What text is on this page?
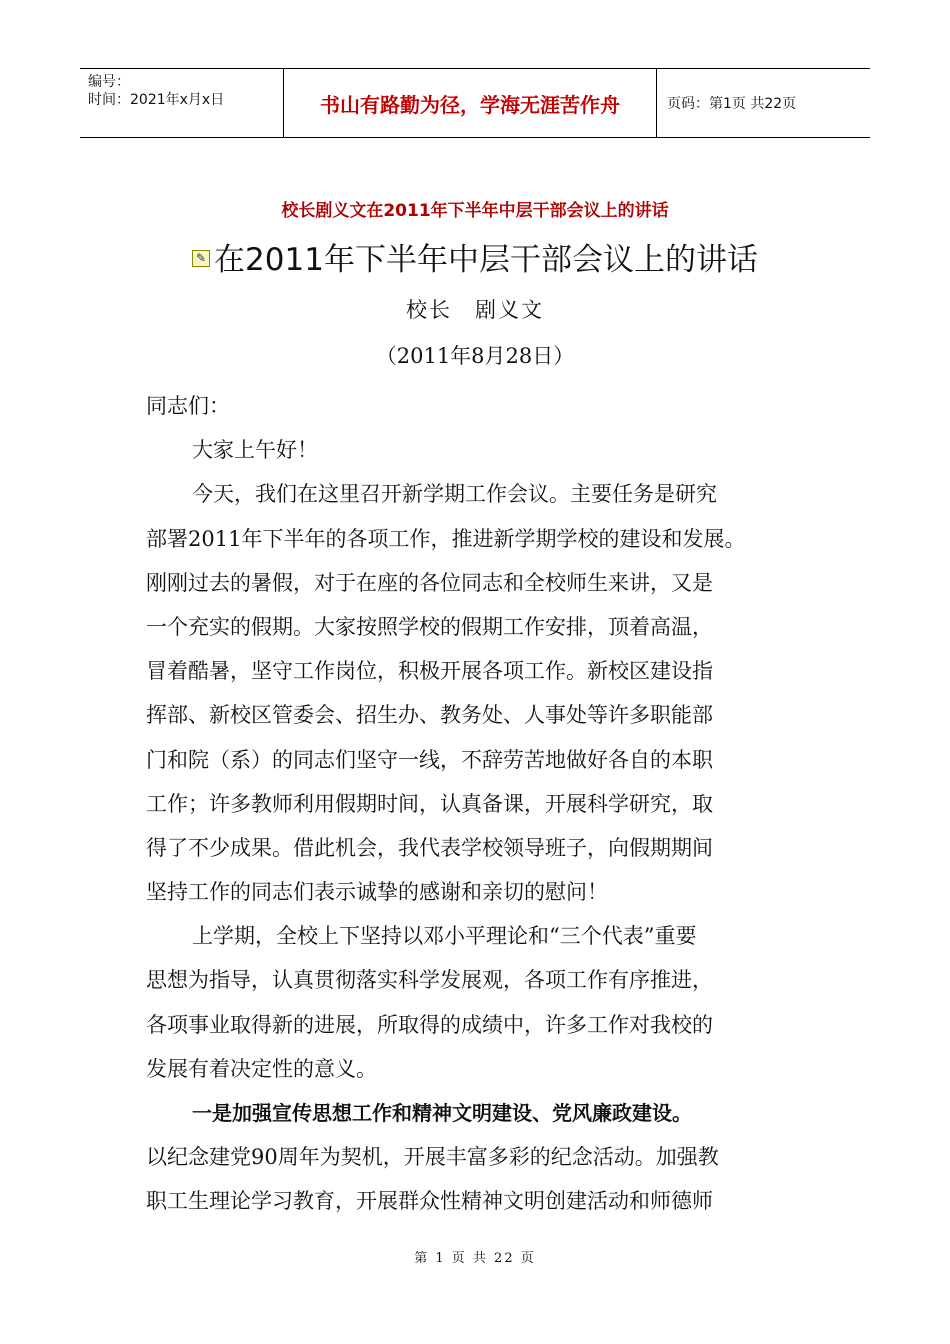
编号：
时间：2021年x月x日	书山有路勤为径，学海无涯苦作舟	页码：第1页 共22页
校长剧义文在2011年下半年中层干部会议上的讲话
✎ 在2011年下半年中层干部会议上的讲话
校长　剧义文
（2011年8月28日）
同志们：
大家上午好！
今天，我们在这里召开新学期工作会议。主要任务是研究
部署2011年下半年的各项工作，推进新学期学校的建设和发展。
刚刚过去的暑假，对于在座的各位同志和全校师生来讲，又是
一个充实的假期。大家按照学校的假期工作安排，顶着高温，
冒着酷暑，坚守工作岗位，积极开展各项工作。新校区建设指
挥部、新校区管委会、招生办、教务处、人事处等许多职能部
门和院（系）的同志们坚守一线，不辞劳苦地做好各自的本职
工作；许多教师利用假期时间，认真备课，开展科学研究，取
得了不少成果。借此机会，我代表学校领导班子，向假期期间
坚持工作的同志们表示诚挚的感谢和亲切的慰问！
上学期，全校上下坚持以邓小平理论和“三个代表”重要
思想为指导，认真贯彻落实科学发展观，各项工作有序推进，
各项事业取得新的进展，所取得的成绩中，许多工作对我校的
发展有着决定性的意义。
一是加强宣传思想工作和精神文明建设、党风廉政建设。
以纪念建党90周年为契机，开展丰富多彩的纪念活动。加强教
职工生理论学习教育，开展群众性精神文明创建活动和师德师
第 1 页 共 22 页
